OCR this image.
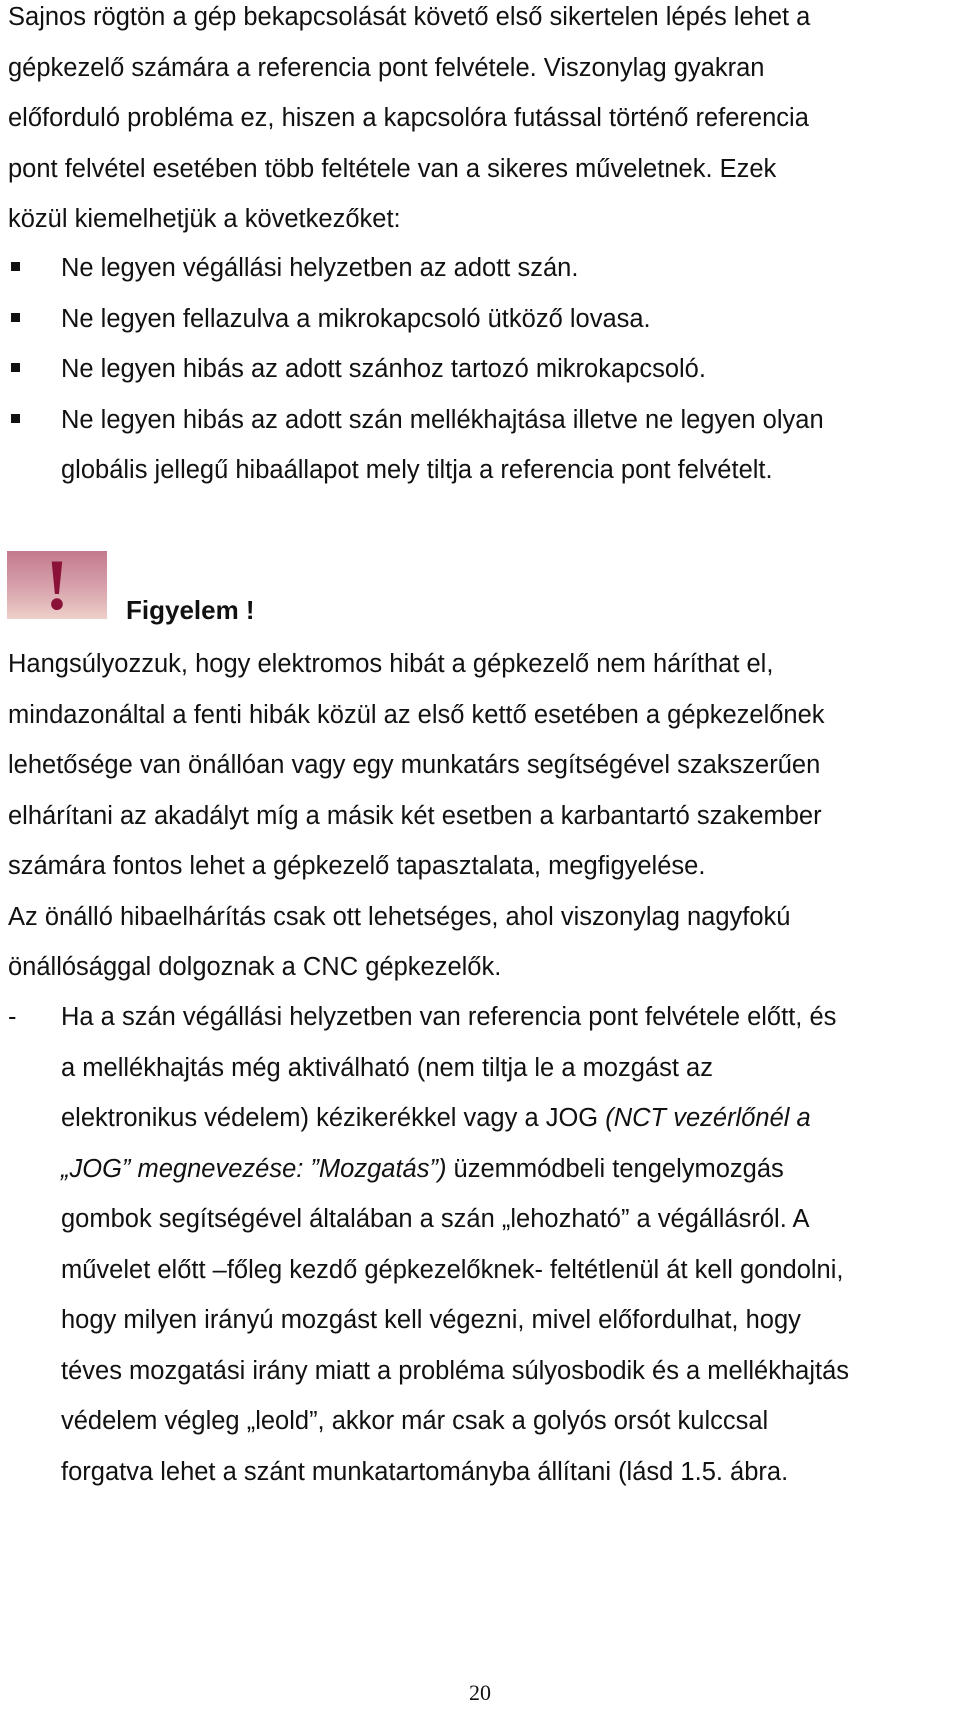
Sajnos rögtön a gép bekapcsolását követő első sikertelen lépés lehet a
gépkezelő számára a referencia pont felvétele. Viszonylag gyakran
előforduló probléma ez, hiszen a kapcsolóra futással történő referencia
pont felvétel esetében több feltétele van a sikeres műveletnek. Ezek
közül kiemelhetjük a következőket:
Ne legyen végállási helyzetben az adott szán.
Ne legyen fellazulva a mikrokapcsoló ütköző lovasa.
Ne legyen hibás az adott szánhoz tartozó mikrokapcsoló.
Ne legyen hibás az adott szán mellékhajtása illetve ne legyen olyan
globális jellegű hibaállapot mely tiltja a referencia pont felvételt.
!	Figyelem !
Hangsúlyozzuk, hogy elektromos hibát a gépkezelő nem háríthat el,
mindazonáltal a fenti hibák közül az első kettő esetében a gépkezelőnek
lehetősége van önállóan vagy egy munkatárs segítségével szakszerűen
elhárítani az akadályt míg a másik két esetben a karbantartó szakember
számára fontos lehet a gépkezelő tapasztalata, megfigyelése.
Az önálló hibaelhárítás csak ott lehetséges, ahol viszonylag nagyfokú
önállósággal dolgoznak a CNC gépkezelők.
- Ha a szán végállási helyzetben van referencia pont felvétele előtt, és
a mellékhajtás még aktiválható (nem tiltja le a mozgást az
elektronikus védelem) kézikerékkel vagy a JOG (NCT vezérlőnél a
„JOG” megnevezése: ”Mozgatás”) üzemmódbeli tengelymozgás
gombok segítségével általában a szán „lehozható” a végállásról. A
művelet előtt –főleg kezdő gépkezelőknek- feltétlenül át kell gondolni,
hogy milyen irányú mozgást kell végezni, mivel előfordulhat, hogy
téves mozgatási irány miatt a probléma súlyosbodik és a mellékhajtás
védelem végleg „leold”, akkor már csak a golyós orsót kulccsal
forgatva lehet a szánt munkatartományba állítani (lásd 1.5. ábra.
20
